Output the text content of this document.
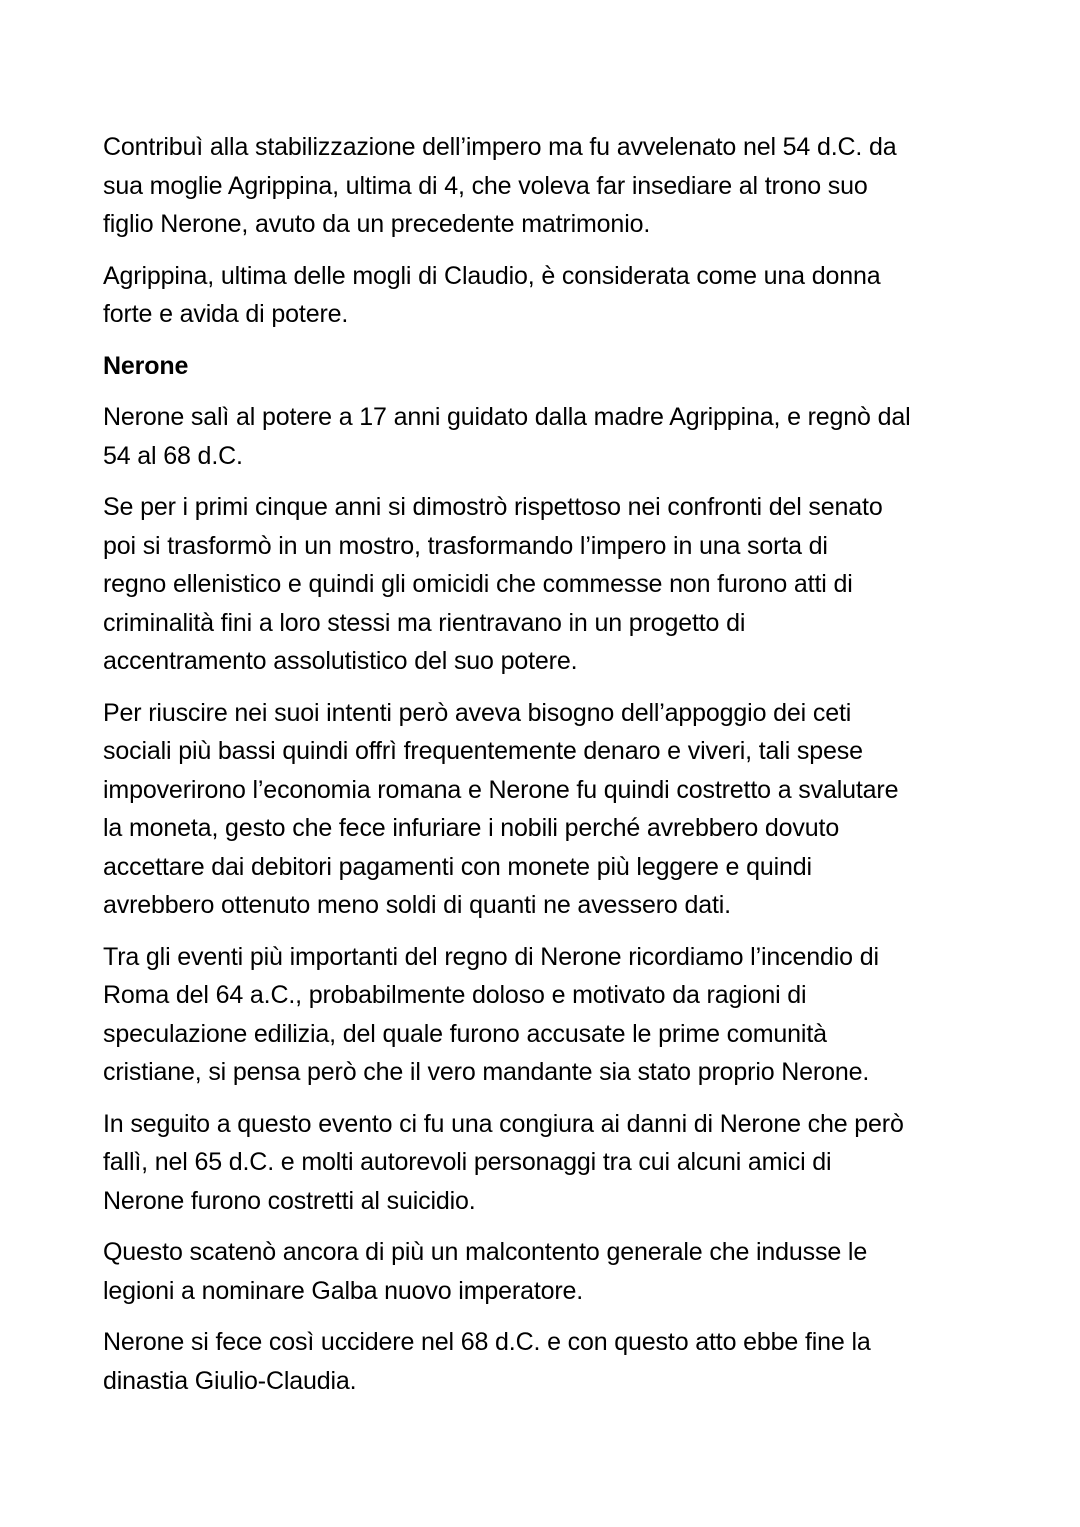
Contribuì alla stabilizzazione dell’impero ma fu avvelenato nel 54 d.C. da
sua moglie Agrippina, ultima di 4, che voleva far insediare al trono suo
figlio Nerone, avuto da un precedente matrimonio.

Agrippina, ultima delle mogli di Claudio, è considerata come una donna
forte e avida di potere.

Nerone

Nerone salì al potere a 17 anni guidato dalla madre Agrippina, e regnò dal
54 al 68 d.C.

Se per i primi cinque anni si dimostrò rispettoso nei confronti del senato
poi si trasformò in un mostro, trasformando l’impero in una sorta di
regno ellenistico e quindi gli omicidi che commesse non furono atti di
criminalità fini a loro stessi ma rientravano in un progetto di
accentramento assolutistico del suo potere.

Per riuscire nei suoi intenti però aveva bisogno dell’appoggio dei ceti
sociali più bassi quindi offrì frequentemente denaro e viveri, tali spese
impoverirono l’economia romana e Nerone fu quindi costretto a svalutare
la moneta, gesto che fece infuriare i nobili perché avrebbero dovuto
accettare dai debitori pagamenti con monete più leggere e quindi
avrebbero ottenuto meno soldi di quanti ne avessero dati.

Tra gli eventi più importanti del regno di Nerone ricordiamo l’incendio di
Roma del 64 a.C., probabilmente doloso e motivato da ragioni di
speculazione edilizia, del quale furono accusate le prime comunità
cristiane, si pensa però che il vero mandante sia stato proprio Nerone.

In seguito a questo evento ci fu una congiura ai danni di Nerone che però
fallì, nel 65 d.C. e molti autorevoli personaggi tra cui alcuni amici di
Nerone furono costretti al suicidio.

Questo scatenò ancora di più un malcontento generale che indusse le
legioni a nominare Galba nuovo imperatore.

Nerone si fece così uccidere nel 68 d.C. e con questo atto ebbe fine la
dinastia Giulio-Claudia.
